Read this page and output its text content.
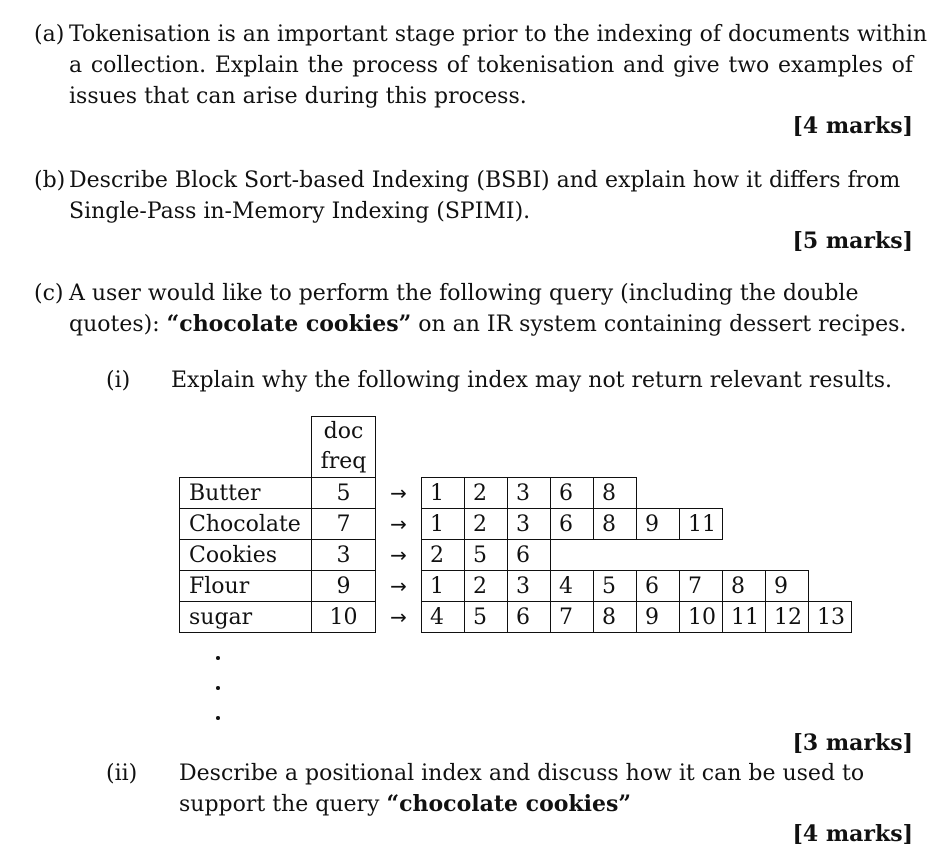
(a) Tokenisation is an important stage prior to the indexing of documents within
a collection. Explain the process of tokenisation and give two examples of
issues that can arise during this process.
[4 marks]
(b) Describe Block Sort-based Indexing (BSBI) and explain how it differs from
Single-Pass in-Memory Indexing (SPIMI).
[5 marks]
(c) A user would like to perform the following query (including the double
quotes): “chocolate cookies” on an IR system containing dessert recipes.
(i) Explain why the following index may not return relevant results.

	doc
freq											

Butter	5	→	1	2	3	6	8					
Chocolate	7	→	1	2	3	6	8	9	11			
Cookies	3	→	2	5	6							
Flour	9	→	1	2	3	4	5	6	7	8	9	
sugar	10	→	4	5	6	7	8	9	10	11	12	13
[3 marks]
(ii) Describe a positional index and discuss how it can be used to
support the query “chocolate cookies”
[4 marks]
